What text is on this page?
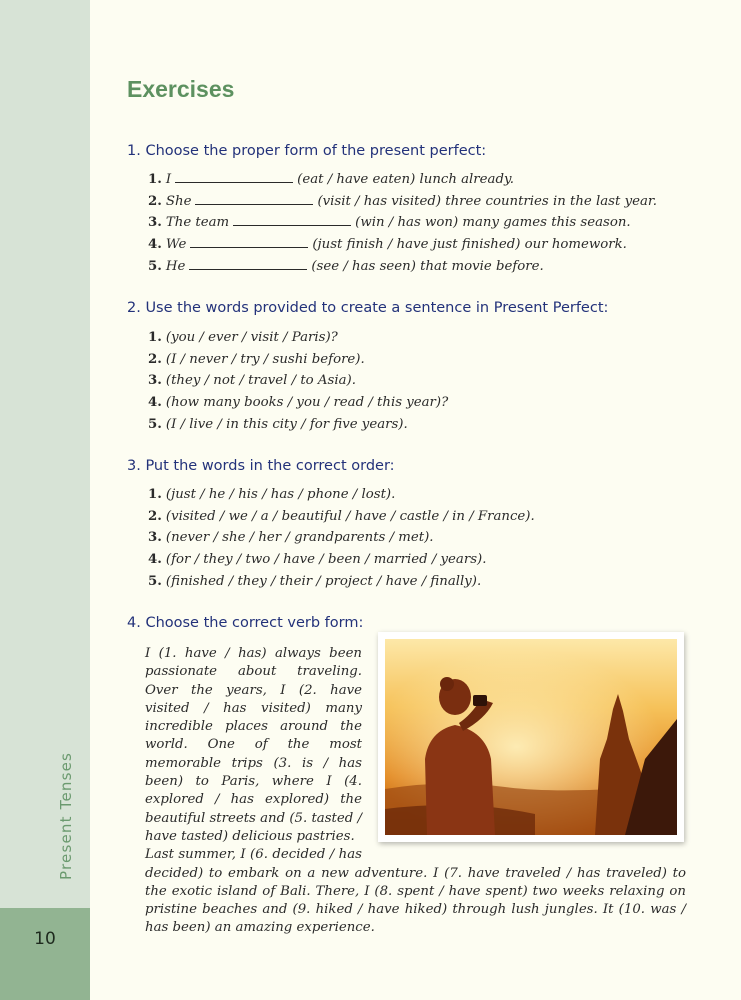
Present Tenses
10
Exercises
1. Choose the proper form of the present perfect:
1. I	(eat / have eaten) lunch already.
2. She	(visit / has visited) three countries in the last year.
3. The team	(win / has won) many games this season.
4. We	(just finish / have just finished) our homework.
5. He	(see / has seen) that movie before.
2. Use the words provided to create a sentence in Present Perfect:
1. (you / ever / visit / Paris)?
2. (I / never / try / sushi before).
3. (they / not / travel / to Asia).
4. (how many books / you / read / this year)?
5. (I / live / in this city / for five years).
3. Put the words in the correct order:
1. (just / he / his / has / phone / lost).
2. (visited / we / a / beautiful / have / castle / in / France).
3. (never / she / her / grandparents / met).
4. (for / they / two / have / been / married / years).
5. (finished / they / their / project / have / finally).
4. Choose the correct verb form:

I (1. have / has) always been passionate about traveling. Over the years, I (2. have visited / has visited) many incredible places around the world. One of the most memorable trips (3. is / has been) to Paris, where I (4. explored / has explored) the beautiful streets and (5. tasted / have tasted) delicious pastries.

Last summer, I (6. decided / has decided) to embark on a new adventure. I (7. have traveled / has traveled) to the exotic island of Bali. There, I (8. spent / have spent) two weeks relaxing on pristine beaches and (9. hiked / have hiked) through lush jungles. It (10. was / has been) an amazing experience.
